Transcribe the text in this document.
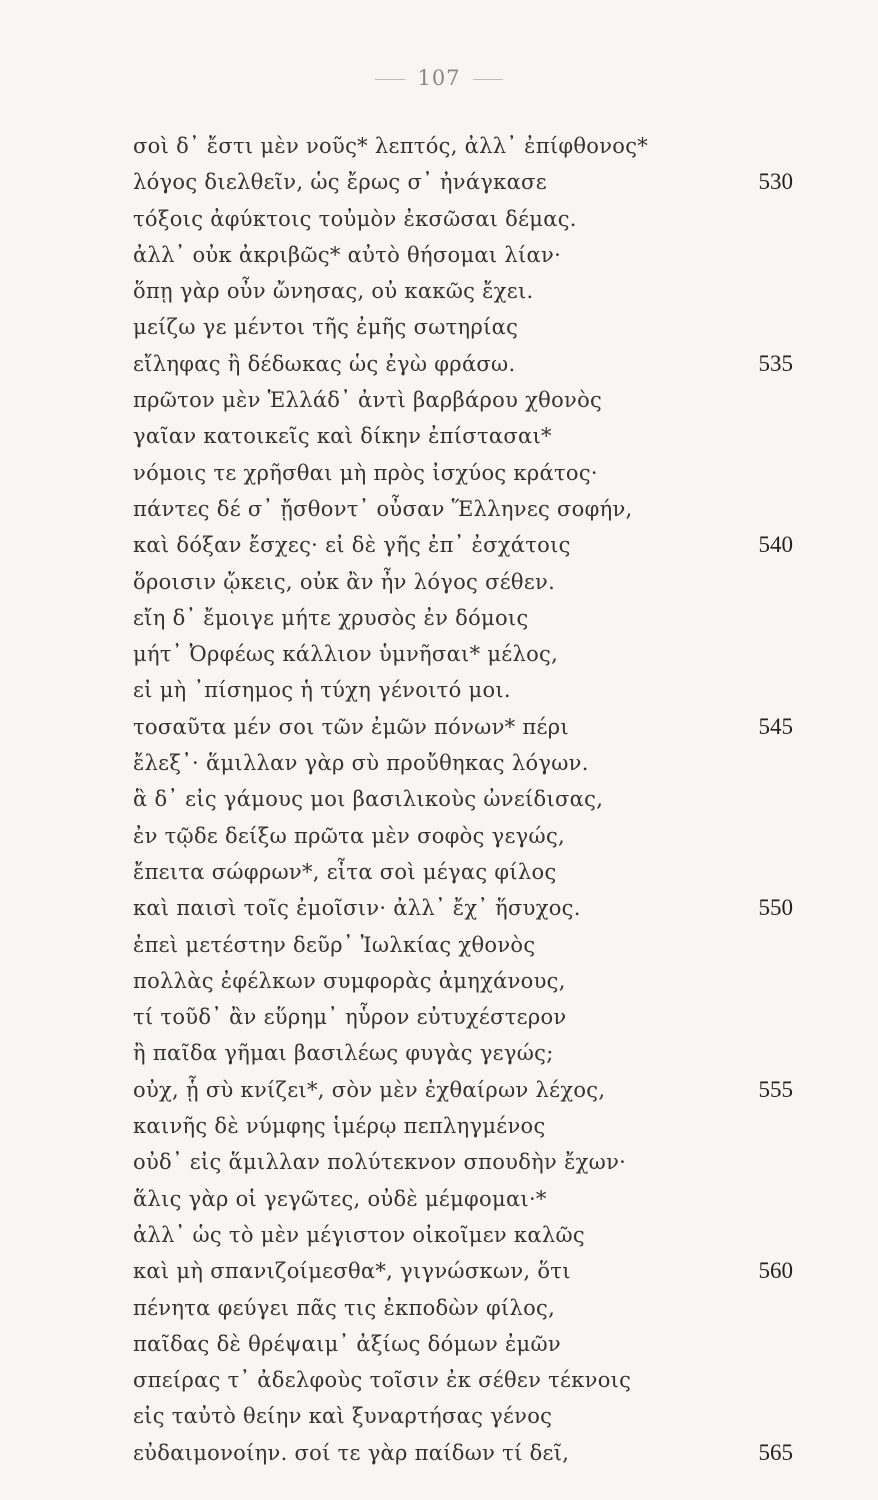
107
σοὶ δ᾽ ἔστι μὲν νοῦς* λεπτός, ἀλλ᾽ ἐπίφθονος*
λόγος διελθεῖν, ὡς ἔρως σ᾽ ἠνάγκασε	530
τόξοις ἀφύκτοις τοὐμὸν ἐκσῶσαι δέμας.
ἀλλ᾽ οὐκ ἀκριβῶς* αὐτὸ θήσομαι λίαν·
ὅπῃ γὰρ οὖν ὤνησας, οὐ κακῶς ἔχει.
μείζω γε μέντοι τῆς ἐμῆς σωτηρίας
εἴληφας ἢ δέδωκας ὡς ἐγὼ φράσω.	535
πρῶτον μὲν Ἑλλάδ᾽ ἀντὶ βαρβάρου χθονὸς
γαῖαν κατοικεῖς καὶ δίκην ἐπίστασαι*
νόμοις τε χρῆσθαι μὴ πρὸς ἰσχύος κράτος·
πάντες δέ σ᾽ ᾔσθοντ᾽ οὖσαν Ἕλληνες σοφήν,
καὶ δόξαν ἔσχες· εἰ δὲ γῆς ἐπ᾽ ἐσχάτοις	540
ὅροισιν ᾤκεις, οὐκ ἂν ἦν λόγος σέθεν.
εἴη δ᾽ ἔμοιγε μήτε χρυσὸς ἐν δόμοις
μήτ᾽ Ὀρφέως κάλλιον ὑμνῆσαι* μέλος,
εἰ μὴ ᾽πίσημος ἡ τύχη γένοιτό μοι.
τοσαῦτα μέν σοι τῶν ἐμῶν πόνων* πέρι	545
ἔλεξ᾽· ἅμιλλαν γὰρ σὺ προὔθηκας λόγων.
ἃ δ᾽ εἰς γάμους μοι βασιλικοὺς ὠνείδισας,
ἐν τῷδε δείξω πρῶτα μὲν σοφὸς γεγώς,
ἔπειτα σώφρων*, εἶτα σοὶ μέγας φίλος
καὶ παισὶ τοῖς ἐμοῖσιν· ἀλλ᾽ ἔχ᾽ ἥσυχος.	550
ἐπεὶ μετέστην δεῦρ᾽ Ἰωλκίας χθονὸς
πολλὰς ἐφέλκων συμφορὰς ἀμηχάνους,
τί τοῦδ᾽ ἂν εὕρημ᾽ ηὗρον εὐτυχέστερον
ἢ παῖδα γῆμαι βασιλέως φυγὰς γεγώς;
οὐχ, ᾗ σὺ κνίζει*, σὸν μὲν ἐχθαίρων λέχος,	555
καινῆς δὲ νύμφης ἱμέρῳ πεπληγμένος
οὐδ᾽ εἰς ἅμιλλαν πολύτεκνον σπουδὴν ἔχων·
ἅλις γὰρ οἱ γεγῶτες, οὐδὲ μέμφομαι·*
ἀλλ᾽ ὡς τὸ μὲν μέγιστον οἰκοῖμεν καλῶς
καὶ μὴ σπανιζοίμεσθα*, γιγνώσκων, ὅτι	560
πένητα φεύγει πᾶς τις ἐκποδὼν φίλος,
παῖδας δὲ θρέψαιμ᾽ ἀξίως δόμων ἐμῶν
σπείρας τ᾽ ἀδελφοὺς τοῖσιν ἐκ σέθεν τέκνοις
εἰς ταὐτὸ θείην καὶ ξυναρτήσας γένος
εὐδαιμονοίην. σοί τε γὰρ παίδων τί δεῖ,	565
